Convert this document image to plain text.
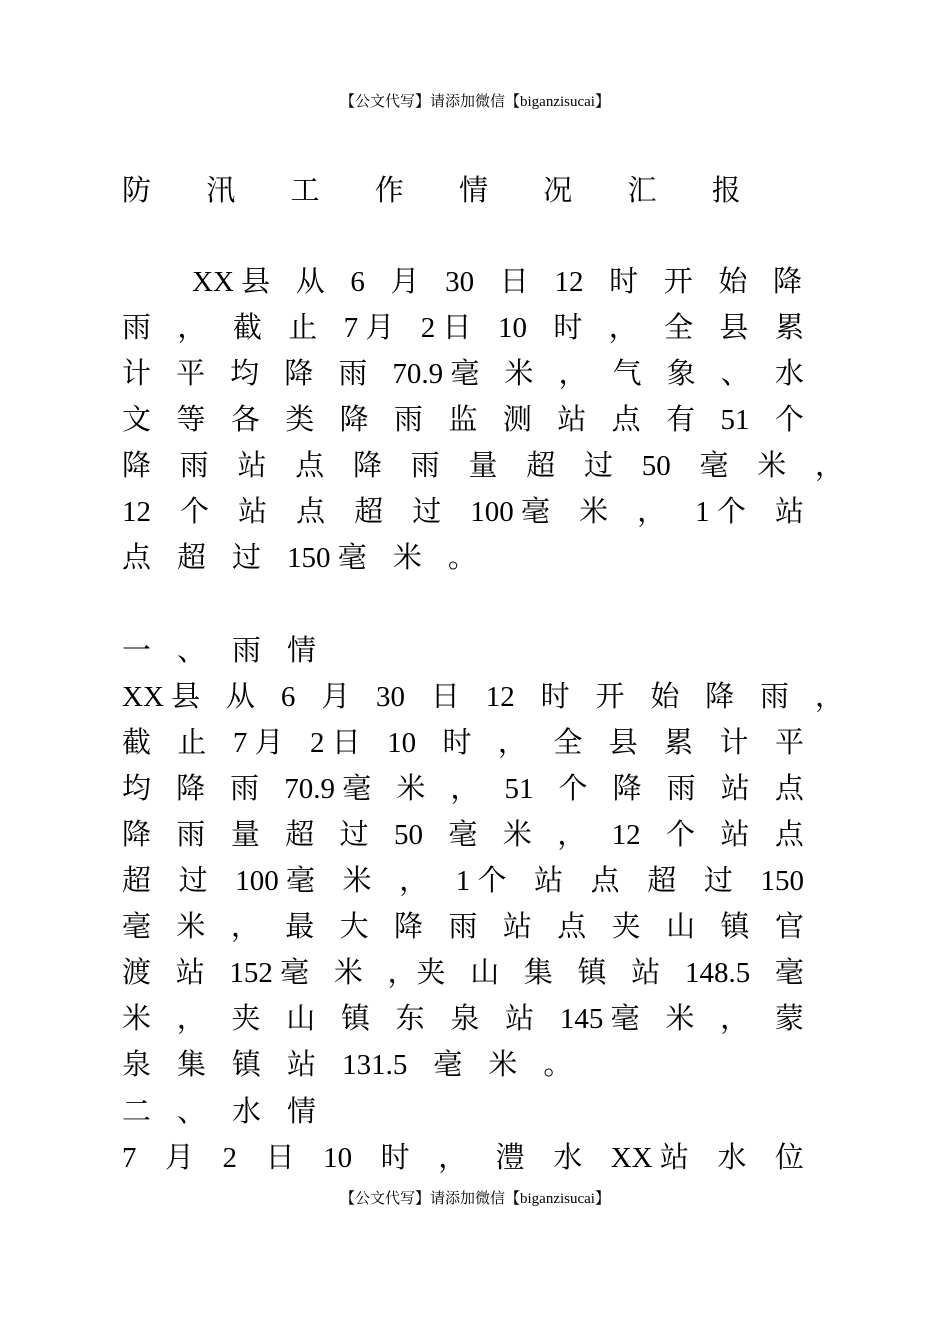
【公文代写】请添加微信【biganzisucai】
防 汛 工 作 情 况 汇 报
XX 县 从 6 月 30 日 12 时 开 始 降
雨 ， 截 止 7 月 2 日 10 时 ， 全 县 累
计 平 均 降 雨 70.9 毫 米 ， 气 象 、 水
文 等 各 类 降 雨 监 测 站 点 有 51 个
降 雨 站 点 降 雨 量 超 过 50 毫 米 ，
12 个 站 点 超 过 100 毫 米 ， 1 个 站
点 超 过 150 毫 米 。
一 、 雨 情
XX 县 从 6 月 30 日 12 时 开 始 降 雨 ，
截 止 7 月 2 日 10 时 ， 全 县 累 计 平
均 降 雨 70.9 毫 米 ， 51 个 降 雨 站 点
降 雨 量 超 过 50 毫 米 ， 12 个 站 点
超 过 100 毫 米 ， 1 个 站 点 超 过 150
毫 米 ， 最 大 降 雨 站 点 夹 山 镇 官
渡 站 152 毫 米 ，夹 山 集 镇 站 148.5 毫
米 ， 夹 山 镇 东 泉 站 145 毫 米 ， 蒙
泉 集 镇 站 131.5 毫 米 。
二 、 水 情
7 月 2 日 10 时 ， 澧 水 XX 站 水 位
【公文代写】请添加微信【biganzisucai】
